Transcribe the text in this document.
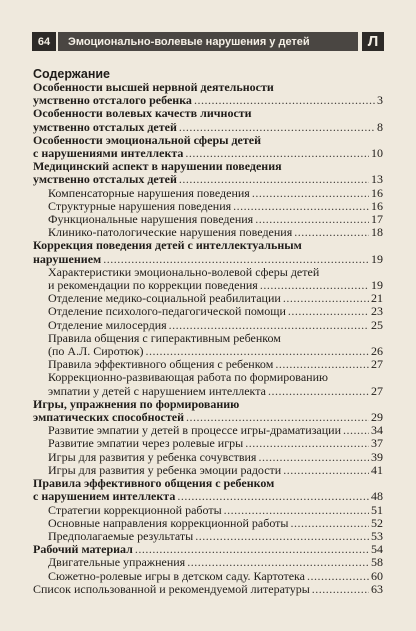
64	Эмоционально-волевые нарушения у детей	Л
Содержание
Особенности высшей нервной деятельности
умственно отсталого ребенка .....	3
Особенности волевых качеств личности
умственно отсталых детей .....	8
Особенности эмоциональной сферы детей
с нарушениями интеллекта .....	10
Медицинский аспект в нарушении поведения
умственно отсталых детей .....	13
Компенсаторные нарушения поведения .....	16
Структурные нарушения поведения .....	16
Функциональные нарушения поведения .....	17
Клинико-патологические нарушения поведения .....	18
Коррекция поведения детей с интеллектуальным
нарушением .....	19
Характеристики эмоционально-волевой сферы детей
и рекомендации по коррекции поведения .....	19
Отделение медико-социальной реабилитации .....	21
Отделение психолого-педагогической помощи .....	23
Отделение милосердия .....	25
Правила общения с гиперактивным ребенком
(по А.Л. Сиротюк) .....	26
Правила эффективного общения с ребенком .....	27
Коррекционно-развивающая работа по формированию
эмпатии у детей с нарушением интеллекта .....	27
Игры, упражнения по формированию
эмпатических способностей .....	29
Развитие эмпатии у детей в процессе игры-драматизации ..... 34
Развитие эмпатии через ролевые игры .....	37
Игры для развития у ребенка сочувствия .....	39
Игры для развития у ребенка эмоции радости .....	41
Правила эффективного общения с ребенком
с нарушением интеллекта .....	48
Стратегии коррекционной работы .....	51
Основные направления коррекционной работы .....	52
Предполагаемые результаты .....	53
Рабочий материал .....	54
Двигательные упражнения .....	58
Сюжетно-ролевые игры в детском саду. Картотека .....	60
Список использованной и рекомендуемой литературы .....	63
